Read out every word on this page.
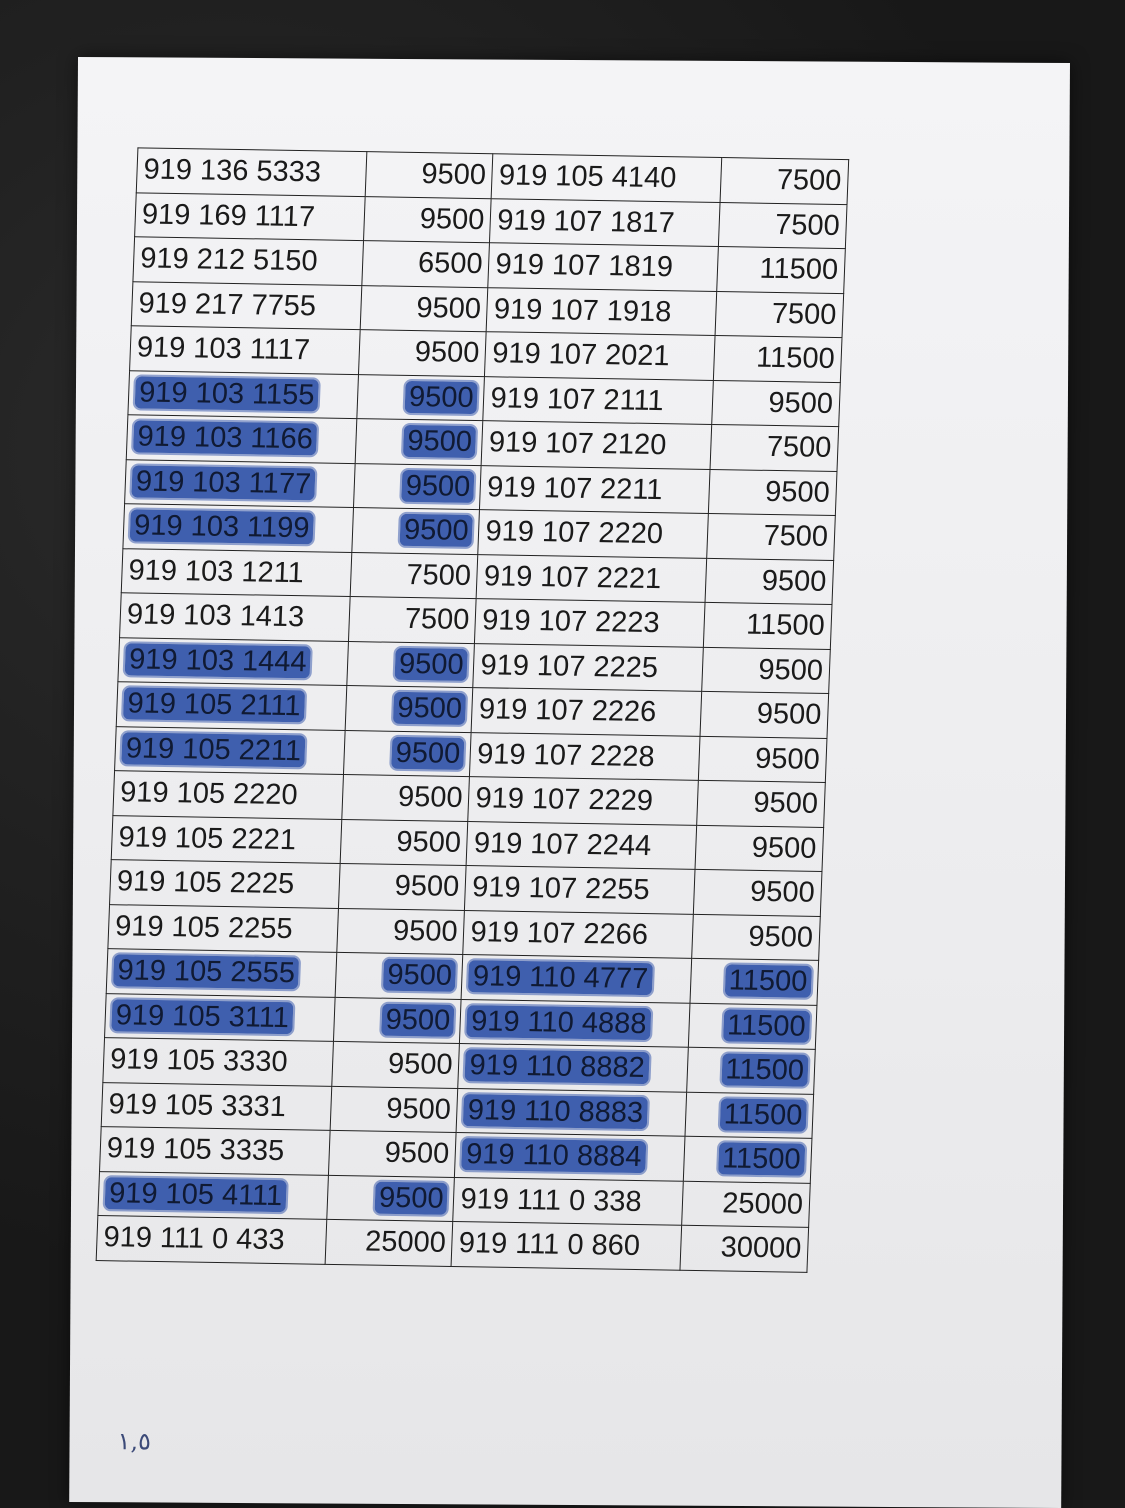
919 136 5333	9500	919 105 4140	7500
919 169 1117	9500	919 107 1817	7500
919 212 5150	6500	919 107 1819	11500
919 217 7755	9500	919 107 1918	7500
919 103 1117	9500	919 107 2021	11500
919 103 1155	9500	919 107 2111	9500
919 103 1166	9500	919 107 2120	7500
919 103 1177	9500	919 107 2211	9500
919 103 1199	9500	919 107 2220	7500
919 103 1211	7500	919 107 2221	9500
919 103 1413	7500	919 107 2223	11500
919 103 1444	9500	919 107 2225	9500
919 105 2111	9500	919 107 2226	9500
919 105 2211	9500	919 107 2228	9500
919 105 2220	9500	919 107 2229	9500
919 105 2221	9500	919 107 2244	9500
919 105 2225	9500	919 107 2255	9500
919 105 2255	9500	919 107 2266	9500
919 105 2555	9500	919 110 4777	11500
919 105 3111	9500	919 110 4888	11500
919 105 3330	9500	919 110 8882	11500
919 105 3331	9500	919 110 8883	11500
919 105 3335	9500	919 110 8884	11500
919 105 4111	9500	919 111 0 338	25000
919 111 0 433	25000	919 111 0 860	30000
١,٥
